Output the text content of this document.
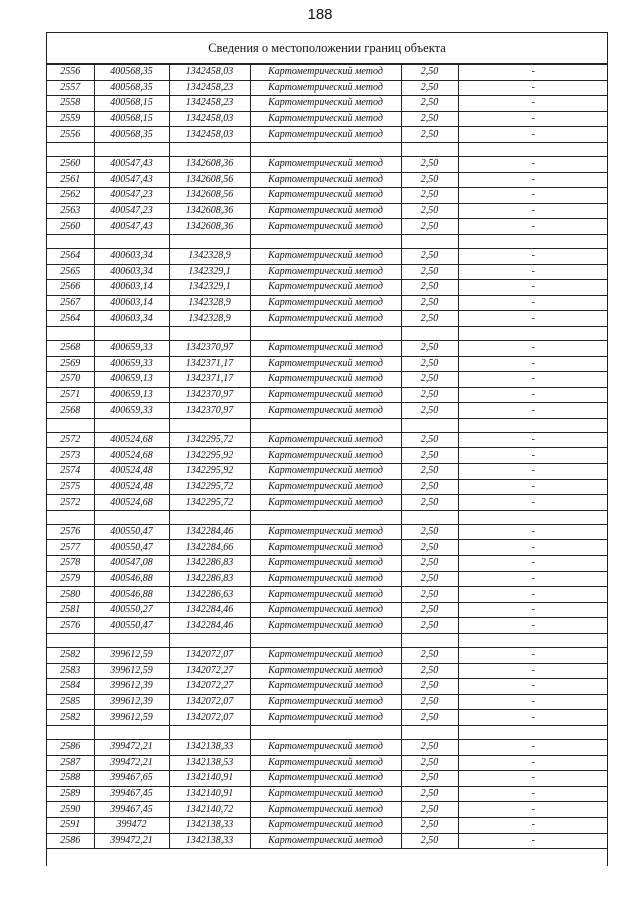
188
Сведения о местоположении границ объекта
2556	400568,35	1342458,03	Картометрический метод	2,50	-
2557	400568,35	1342458,23	Картометрический метод	2,50	-
2558	400568,15	1342458,23	Картометрический метод	2,50	-
2559	400568,15	1342458,03	Картометрический метод	2,50	-
2556	400568,35	1342458,03	Картометрический метод	2,50	-

2560	400547,43	1342608,36	Картометрический метод	2,50	-
2561	400547,43	1342608,56	Картометрический метод	2,50	-
2562	400547,23	1342608,56	Картометрический метод	2,50	-
2563	400547,23	1342608,36	Картометрический метод	2,50	-
2560	400547,43	1342608,36	Картометрический метод	2,50	-

2564	400603,34	1342328,9	Картометрический метод	2,50	-
2565	400603,34	1342329,1	Картометрический метод	2,50	-
2566	400603,14	1342329,1	Картометрический метод	2,50	-
2567	400603,14	1342328,9	Картометрический метод	2,50	-
2564	400603,34	1342328,9	Картометрический метод	2,50	-

2568	400659,33	1342370,97	Картометрический метод	2,50	-
2569	400659,33	1342371,17	Картометрический метод	2,50	-
2570	400659,13	1342371,17	Картометрический метод	2,50	-
2571	400659,13	1342370,97	Картометрический метод	2,50	-
2568	400659,33	1342370,97	Картометрический метод	2,50	-

2572	400524,68	1342295,72	Картометрический метод	2,50	-
2573	400524,68	1342295,92	Картометрический метод	2,50	-
2574	400524,48	1342295,92	Картометрический метод	2,50	-
2575	400524,48	1342295,72	Картометрический метод	2,50	-
2572	400524,68	1342295,72	Картометрический метод	2,50	-

2576	400550,47	1342284,46	Картометрический метод	2,50	-
2577	400550,47	1342284,66	Картометрический метод	2,50	-
2578	400547,08	1342286,83	Картометрический метод	2,50	-
2579	400546,88	1342286,83	Картометрический метод	2,50	-
2580	400546,88	1342286,63	Картометрический метод	2,50	-
2581	400550,27	1342284,46	Картометрический метод	2,50	-
2576	400550,47	1342284,46	Картометрический метод	2,50	-

2582	399612,59	1342072,07	Картометрический метод	2,50	-
2583	399612,59	1342072,27	Картометрический метод	2,50	-
2584	399612,39	1342072,27	Картометрический метод	2,50	-
2585	399612,39	1342072,07	Картометрический метод	2,50	-
2582	399612,59	1342072,07	Картометрический метод	2,50	-

2586	399472,21	1342138,33	Картометрический метод	2,50	-
2587	399472,21	1342138,53	Картометрический метод	2,50	-
2588	399467,65	1342140,91	Картометрический метод	2,50	-
2589	399467,45	1342140,91	Картометрический метод	2,50	-
2590	399467,45	1342140,72	Картометрический метод	2,50	-
2591	399472	1342138,33	Картометрический метод	2,50	-
2586	399472,21	1342138,33	Картометрический метод	2,50	-
